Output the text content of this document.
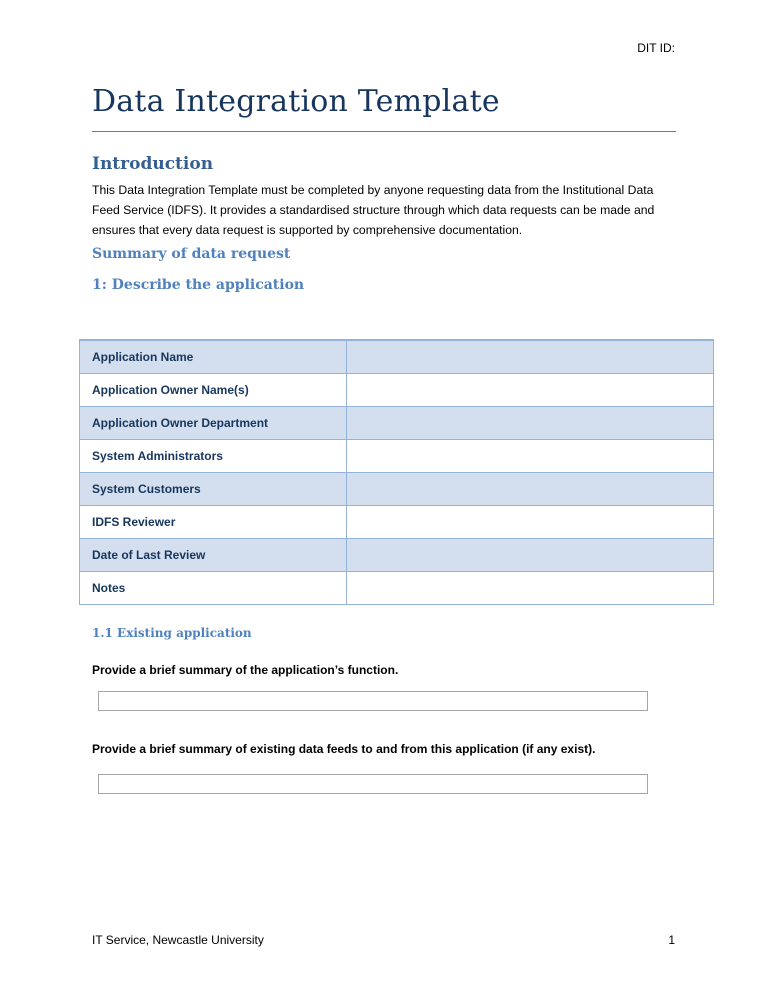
DIT ID:
Data Integration Template
Introduction

This Data Integration Template must be completed by anyone requesting data from the Institutional Data Feed Service (IDFS). It provides a standardised structure through which data requests can be made and ensures that every data request is supported by comprehensive documentation.

Summary of data request
1: Describe the application
Application Name	
Application Owner Name(s)	
Application Owner Department	
System Administrators	
System Customers	
IDFS Reviewer	
Date of Last Review	
Notes	
1.1 Existing application

Provide a brief summary of the application’s function.

Provide a brief summary of existing data feeds to and from this application (if any exist).

IT Service, Newcastle University	1
